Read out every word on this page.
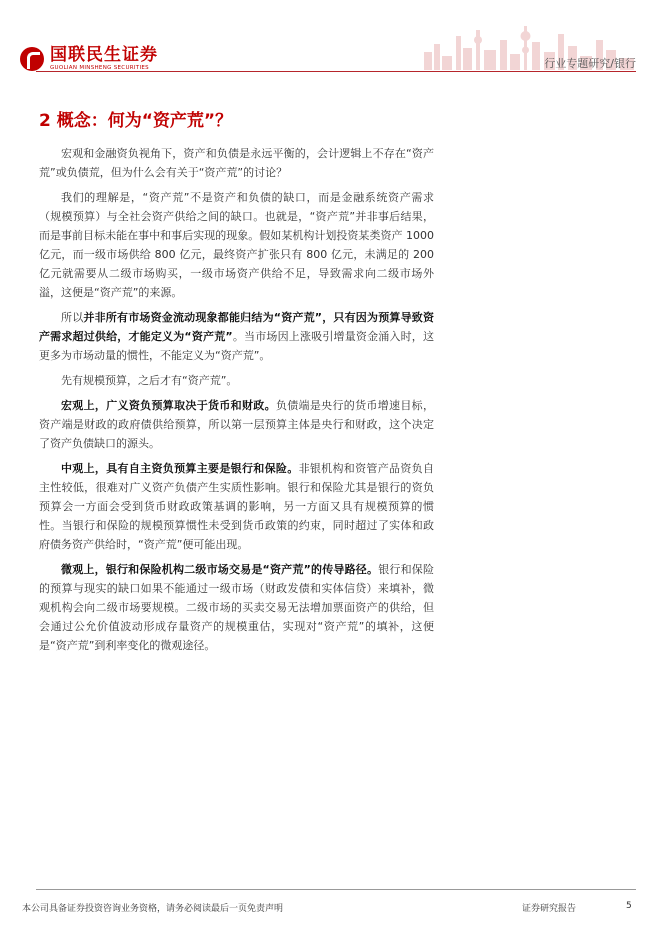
国联民生证券
GUOLIAN MINSHENG SECURITIES	行业专题研究/银行
2 概念：何为“资产荒”？

宏观和金融资负视角下，资产和负债是永远平衡的，会计逻辑上不存在“资产荒”或负债荒，但为什么会有关于“资产荒”的讨论？

我们的理解是，“资产荒”不是资产和负债的缺口，而是金融系统资产需求（规模预算）与全社会资产供给之间的缺口。也就是，“资产荒”并非事后结果，而是事前目标未能在事中和事后实现的现象。假如某机构计划投资某类资产 1000 亿元，而一级市场供给 800 亿元，最终资产扩张只有 800 亿元，未满足的 200 亿元就需要从二级市场购买，一级市场资产供给不足，导致需求向二级市场外溢，这便是“资产荒”的来源。

所以并非所有市场资金流动现象都能归结为“资产荒”，只有因为预算导致资产需求超过供给，才能定义为“资产荒”。当市场因上涨吸引增量资金涌入时，这更多为市场动量的惯性，不能定义为“资产荒”。

先有规模预算，之后才有“资产荒”。

宏观上，广义资负预算取决于货币和财政。负债端是央行的货币增速目标，资产端是财政的政府债供给预算，所以第一层预算主体是央行和财政，这个决定了资产负债缺口的源头。

中观上，具有自主资负预算主要是银行和保险。非银机构和资管产品资负自主性较低，很难对广义资产负债产生实质性影响。银行和保险尤其是银行的资负预算会一方面会受到货币财政政策基调的影响，另一方面又具有规模预算的惯性。当银行和保险的规模预算惯性未受到货币政策的约束，同时超过了实体和政府债务资产供给时，“资产荒”便可能出现。

微观上，银行和保险机构二级市场交易是“资产荒”的传导路径。银行和保险的预算与现实的缺口如果不能通过一级市场（财政发债和实体信贷）来填补，微观机构会向二级市场要规模。二级市场的买卖交易无法增加票面资产的供给，但会通过公允价值波动形成存量资产的规模重估，实现对“资产荒”的填补，这便是“资产荒”到利率变化的微观途径。

本公司具备证券投资咨询业务资格，请务必阅读最后一页免责声明	证券研究报告	5
